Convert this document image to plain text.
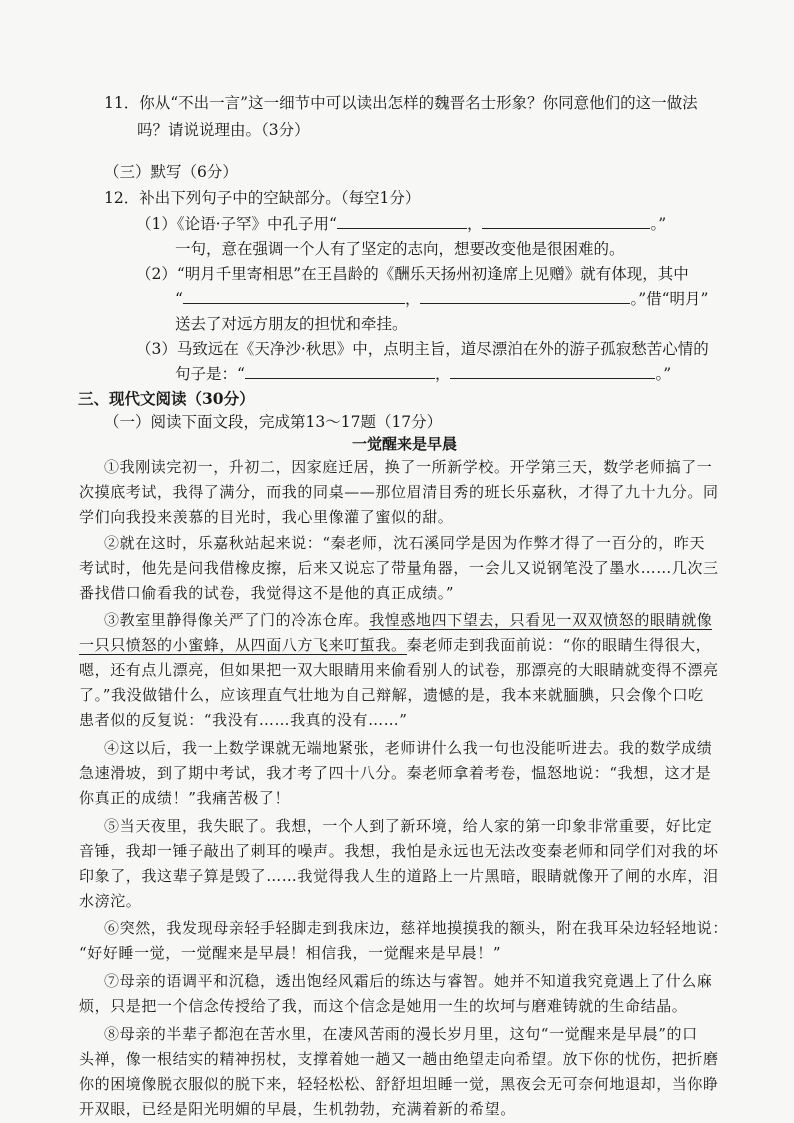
11．你从“不出一言”这一细节中可以读出怎样的魏晋名士形象？你同意他们的这一做法
吗？请说说理由。（3分）
（三）默写（6分）
12．补出下列句子中的空缺部分。（每空1分）
（1）《论语·子罕》中孔子用“	，	。”
一句，意在强调一个人有了坚定的志向，想要改变他是很困难的。
（2）“明月千里寄相思”在王昌龄的《酬乐天扬州初逢席上见赠》就有体现，其中
“	，	。”借“明月”
送去了对远方朋友的担忧和牵挂。
（3）马致远在《天净沙·秋思》中，点明主旨，道尽漂泊在外的游子孤寂愁苦心情的
句子是：“	，	。”
三、现代文阅读（30分）
（一）阅读下面文段，完成第13～17题（17分）
一觉醒来是早晨
①我刚读完初一，升初二，因家庭迁居，换了一所新学校。开学第三天，数学老师搞了一
次摸底考试，我得了满分，而我的同桌——那位眉清目秀的班长乐嘉秋，才得了九十九分。同
学们向我投来羡慕的目光时，我心里像灌了蜜似的甜。
②就在这时，乐嘉秋站起来说：“秦老师，沈石溪同学是因为作弊才得了一百分的，昨天
考试时，他先是问我借橡皮擦，后来又说忘了带量角器，一会儿又说钢笔没了墨水……几次三
番找借口偷看我的试卷，我觉得这不是他的真正成绩。”
③教室里静得像关严了门的冷冻仓库。我惶惑地四下望去，只看见一双双愤怒的眼睛就像
一只只愤怒的小蜜蜂，从四面八方飞来叮蜇我。秦老师走到我面前说：“你的眼睛生得很大，
嗯，还有点儿漂亮，但如果把一双大眼睛用来偷看别人的试卷，那漂亮的大眼睛就变得不漂亮
了。”我没做错什么，应该理直气壮地为自己辩解，遗憾的是，我本来就腼腆，只会像个口吃
患者似的反复说：“我没有……我真的没有……”
④这以后，我一上数学课就无端地紧张，老师讲什么我一句也没能听进去。我的数学成绩
急速滑坡，到了期中考试，我才考了四十八分。秦老师拿着考卷，愠怒地说：“我想，这才是
你真正的成绩！”我痛苦极了！
⑤当天夜里，我失眠了。我想，一个人到了新环境，给人家的第一印象非常重要，好比定
音锤，我却一锤子敲出了刺耳的噪声。我想，我怕是永远也无法改变秦老师和同学们对我的坏
印象了，我这辈子算是毁了……我觉得我人生的道路上一片黑暗，眼睛就像开了闸的水库，泪
水滂沱。
⑥突然，我发现母亲轻手轻脚走到我床边，慈祥地摸摸我的额头，附在我耳朵边轻轻地说：
“好好睡一觉，一觉醒来是早晨！相信我，一觉醒来是早晨！”
⑦母亲的语调平和沉稳，透出饱经风霜后的练达与睿智。她并不知道我究竟遇上了什么麻
烦，只是把一个信念传授给了我，而这个信念是她用一生的坎坷与磨难铸就的生命结晶。
⑧母亲的半辈子都泡在苦水里，在凄风苦雨的漫长岁月里，这句“一觉醒来是早晨”的口
头禅，像一根结实的精神拐杖，支撑着她一趟又一趟由绝望走向希望。放下你的忧伤，把折磨
你的困境像脱衣服似的脱下来，轻轻松松、舒舒坦坦睡一觉，黑夜会无可奈何地退却，当你睁
开双眼，已经是阳光明媚的早晨，生机勃勃，充满着新的希望。
